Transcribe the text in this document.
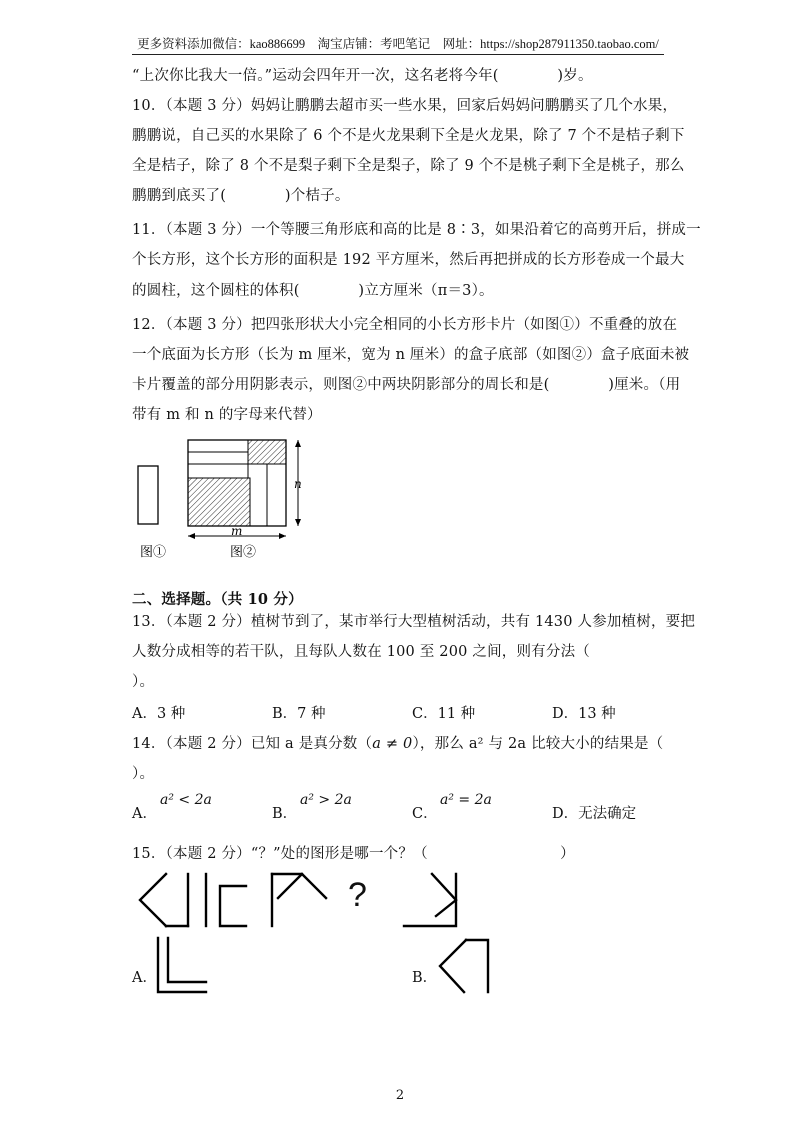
更多资料添加微信：kao886699　淘宝店铺：考吧笔记　网址：https://shop287911350.taobao.com/
“上次你比我大一倍。”运动会四年开一次，这名老将今年(　　　　)岁。
10．（本题 3 分）妈妈让鹏鹏去超市买一些水果，回家后妈妈问鹏鹏买了几个水果，
鹏鹏说，自己买的水果除了 6 个不是火龙果剩下全是火龙果，除了 7 个不是桔子剩下
全是桔子，除了 8 个不是梨子剩下全是梨子，除了 9 个不是桃子剩下全是桃子，那么
鹏鹏到底买了(　　　　)个桔子。
11．（本题 3 分）一个等腰三角形底和高的比是 8∶3，如果沿着它的高剪开后，拼成一
个长方形，这个长方形的面积是 192 平方厘米，然后再把拼成的长方形卷成一个最大
的圆柱，这个圆柱的体积(　　　　)立方厘米（π＝3）。
12．（本题 3 分）把四张形状大小完全相同的小长方形卡片（如图①）不重叠的放在
一个底面为长方形（长为 m 厘米，宽为 n 厘米）的盒子底部（如图②）盒子底面未被
卡片覆盖的部分用阴影表示，则图②中两块阴影部分的周长和是(　　　　)厘米。（用
带有 m 和 n 的字母来代替）
n
m
图①	图②
二、选择题。（共 10 分）
13．（本题 2 分）植树节到了，某市举行大型植树活动，共有 1430 人参加植树，要把
人数分成相等的若干队，且每队人数在 100 至 200 之间，则有分法（
）。
A．3 种	B．7 种	C．11 种	D．13 种
14．（本题 2 分）已知 a 是真分数（a ≠ 0），那么 a² 与 2a 比较大小的结果是（
）。
A．
a² < 2a
B．
a² > 2a
C．
a² = 2a
D．无法确定
15．（本题 2 分）“？”处的图形是哪一个？（　　　　　　　　　）
?
A．	B．
2
